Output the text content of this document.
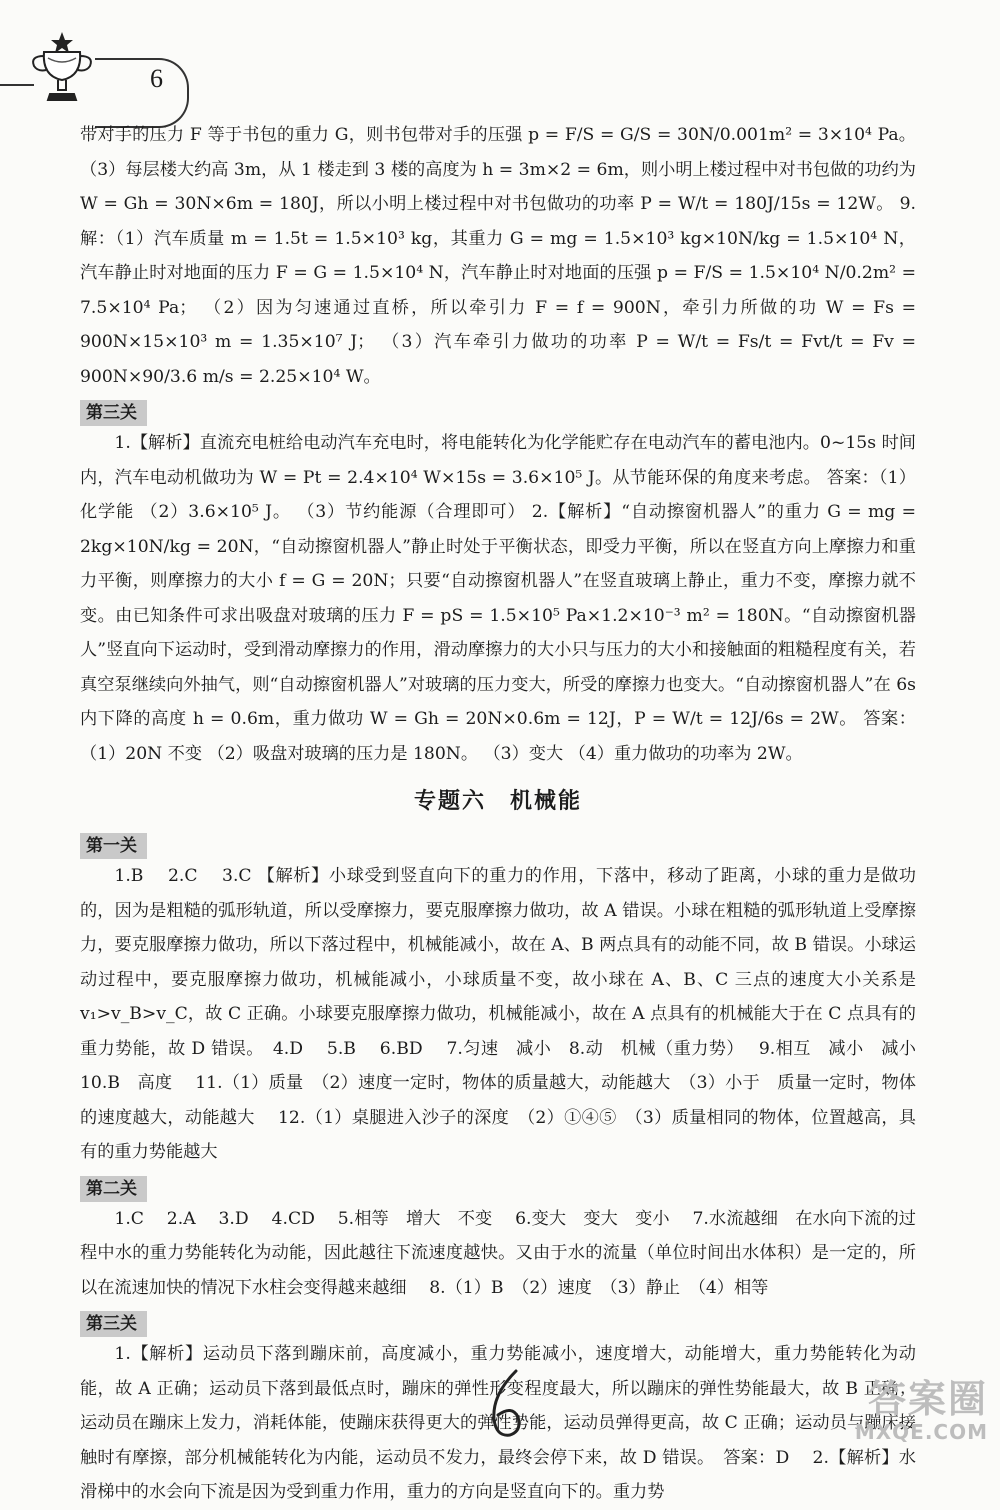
6

带对手的压力 F 等于书包的重力 G，则书包带对手的压强 p = F/S = G/S = 30N/0.001m² = 3×10⁴ Pa。 （3）每层楼大约高 3m，从 1 楼走到 3 楼的高度为 h = 3m×2 = 6m，则小明上楼过程中对书包做的功约为 W = Gh = 30N×6m = 180J，所以小明上楼过程中对书包做功的功率 P = W/t = 180J/15s = 12W。 9.解：（1）汽车质量 m = 1.5t = 1.5×10³ kg，其重力 G = mg = 1.5×10³ kg×10N/kg = 1.5×10⁴ N，汽车静止时对地面的压力 F = G = 1.5×10⁴ N，汽车静止时对地面的压强 p = F/S = 1.5×10⁴ N/0.2m² = 7.5×10⁴ Pa； （2）因为匀速通过直桥，所以牵引力 F = f = 900N，牵引力所做的功 W = Fs = 900N×15×10³ m = 1.35×10⁷ J； （3）汽车牵引力做功的功率 P = W/t = Fs/t = Fvt/t = Fv = 900N×90/3.6 m/s = 2.25×10⁴ W。

第三关

1.【解析】直流充电桩给电动汽车充电时，将电能转化为化学能贮存在电动汽车的蓄电池内。0~15s 时间内，汽车电动机做功为 W = Pt = 2.4×10⁴ W×15s = 3.6×10⁵ J。从节能环保的角度来考虑。 答案：（1）化学能 （2）3.6×10⁵ J。 （3）节约能源（合理即可） 2.【解析】“自动擦窗机器人”的重力 G = mg = 2kg×10N/kg = 20N，“自动擦窗机器人”静止时处于平衡状态，即受力平衡，所以在竖直方向上摩擦力和重力平衡，则摩擦力的大小 f = G = 20N；只要“自动擦窗机器人”在竖直玻璃上静止，重力不变，摩擦力就不变。由已知条件可求出吸盘对玻璃的压力 F = pS = 1.5×10⁵ Pa×1.2×10⁻³ m² = 180N。“自动擦窗机器人”竖直向下运动时，受到滑动摩擦力的作用，滑动摩擦力的大小只与压力的大小和接触面的粗糙程度有关，若真空泵继续向外抽气，则“自动擦窗机器人”对玻璃的压力变大，所受的摩擦力也变大。“自动擦窗机器人”在 6s 内下降的高度 h = 0.6m，重力做功 W = Gh = 20N×0.6m = 12J，P = W/t = 12J/6s = 2W。 答案：（1）20N 不变 （2）吸盘对玻璃的压力是 180N。 （3）变大 （4）重力做功的功率为 2W。

专题六　机械能
第一关

1.B　 2.C　 3.C 【解析】小球受到竖直向下的重力的作用，下落中，移动了距离，小球的重力是做功的，因为是粗糙的弧形轨道，所以受摩擦力，要克服摩擦力做功，故 A 错误。小球在粗糙的弧形轨道上受摩擦力，要克服摩擦力做功，所以下落过程中，机械能减小，故在 A、B 两点具有的动能不同，故 B 错误。小球运动过程中，要克服摩擦力做功，机械能减小，小球质量不变，故小球在 A、B、C 三点的速度大小关系是 v₁>v_B>v_C，故 C 正确。小球要克服摩擦力做功，机械能减小，故在 A 点具有的机械能大于在 C 点具有的重力势能，故 D 错误。　4.D　 5.B　 6.BD　 7.匀速　减小　8.动　机械（重力势）　 9.相互　减小　减小　 10.B　高度　 11.（1）质量　（2）速度一定时，物体的质量越大，动能越大　（3）小于　质量一定时，物体的速度越大，动能越大　 12.（1）桌腿进入沙子的深度　（2）①④⑤　（3）质量相同的物体，位置越高，具有的重力势能越大

第二关

1.C　 2.A　 3.D　 4.CD　 5.相等　增大　不变　 6.变大　变大　变小　 7.水流越细　在水向下流的过程中水的重力势能转化为动能，因此越往下流速度越快。又由于水的流量（单位时间出水体积）是一定的，所以在流速加快的情况下水柱会变得越来越细　 8.（1）B　（2）速度　（3）静止　（4）相等

第三关

1.【解析】运动员下落到蹦床前，高度减小，重力势能减小，速度增大，动能增大，重力势能转化为动能，故 A 正确；运动员下落到最低点时，蹦床的弹性形变程度最大，所以蹦床的弹性势能最大，故 B 正确；运动员在蹦床上发力，消耗体能，使蹦床获得更大的弹性势能，运动员弹得更高，故 C 正确；运动员与蹦床接触时有摩擦，部分机械能转化为内能，运动员不发力，最终会停下来，故 D 错误。　答案：D　 2.【解析】水滑梯中的水会向下流是因为受到重力作用，重力的方向是竖直向下的。重力势

答案圈
MXQE.COM
